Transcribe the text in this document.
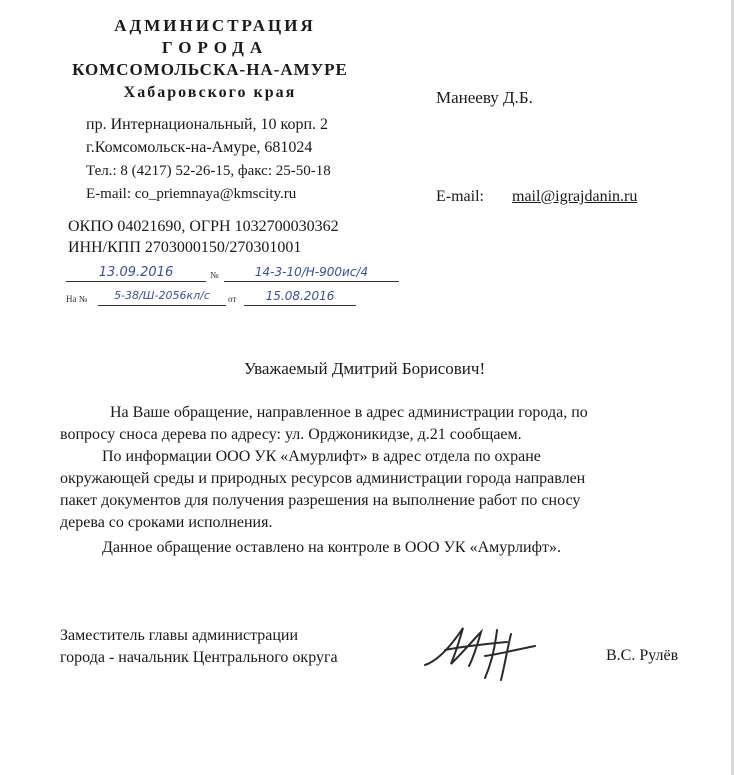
АДМИНИСТРАЦИЯ
ГОРОДА
КОМСОМОЛЬСКА-НА-АМУРЕ
Хабаровского края
пр. Интернациональный, 10 корп. 2
г.Комсомольск-на-Амуре, 681024
Тел.: 8 (4217) 52-26-15, факс: 25-50-18
E-mail: co_priemnaya@kmscity.ru
ОКПО 04021690, ОГРН 1032700030362
ИНН/КПП 2703000150/270301001
13.09.2016	№	14-3-10/Н-900ис/4
На №	5-38/Ш-2056кл/с	от	15.08.2016
Манееву Д.Б.
E-mail: mail@igrajdanin.ru
Уважаемый Дмитрий Борисович!
На Ваше обращение, направленное в адрес администрации города, по
вопросу сноса дерева по адресу: ул. Орджоникидзе, д.21 сообщаем.
По информации ООО УК «Амурлифт» в адрес отдела по охране
окружающей среды и природных ресурсов администрации города направлен
пакет документов для получения разрешения на выполнение работ по сносу
дерева со сроками исполнения.
Данное обращение оставлено на контроле в ООО УК «Амурлифт».
Заместитель главы администрации
города - начальник Центрального округа	В.С. Рулёв
